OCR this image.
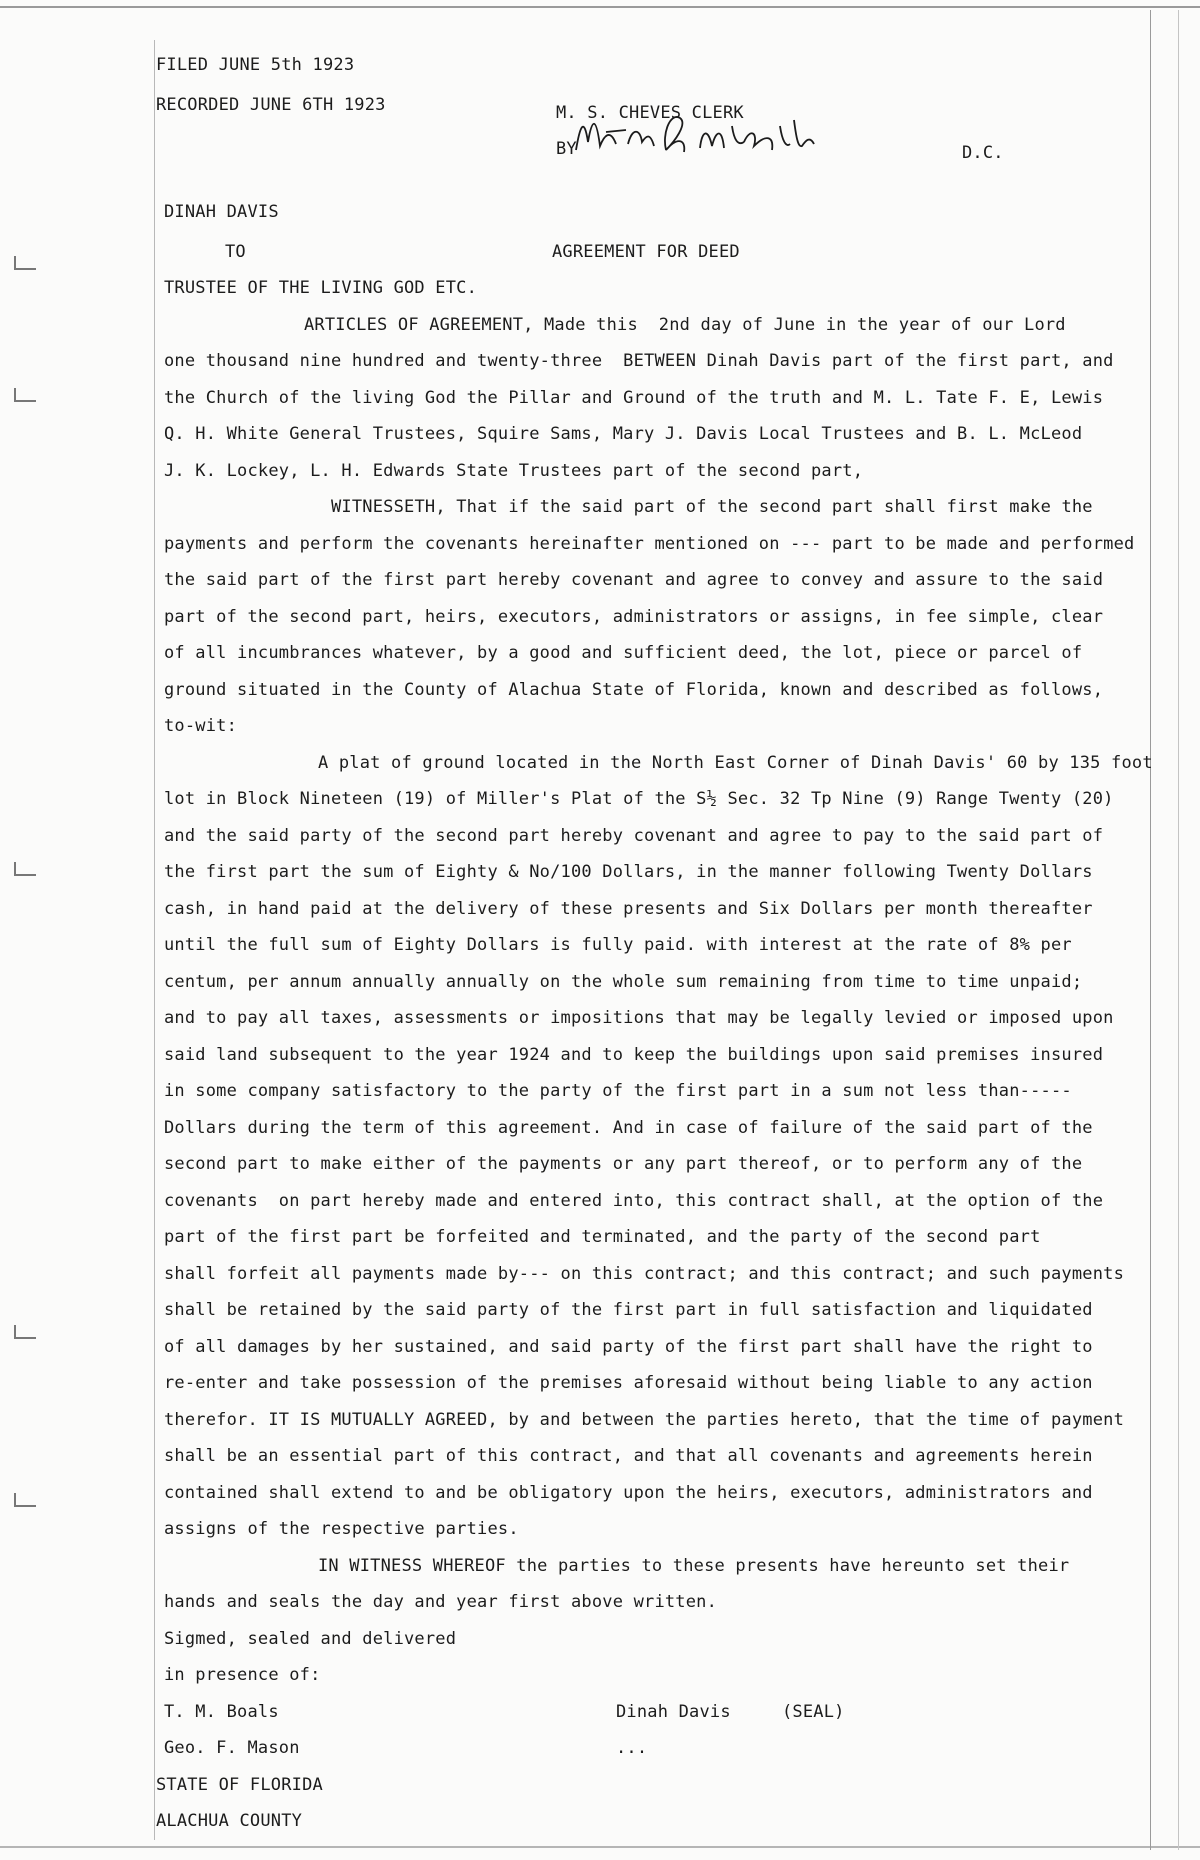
FILED JUNE 5th 1923
RECORDED JUNE 6TH 1923	M. S. CHEVES CLERK
BY	D.C.
DINAH DAVIS
TO	AGREEMENT FOR DEED
TRUSTEE OF THE LIVING GOD ETC.
ARTICLES OF AGREEMENT, Made this  2nd day of June in the year of our Lord
one thousand nine hundred and twenty-three  BETWEEN Dinah Davis part of the first part, and
the Church of the living God the Pillar and Ground of the truth and M. L. Tate F. E, Lewis
Q. H. White General Trustees, Squire Sams, Mary J. Davis Local Trustees and B. L. McLeod
J. K. Lockey, L. H. Edwards State Trustees part of the second part,
WITNESSETH, That if the said part of the second part shall first make the
payments and perform the covenants hereinafter mentioned on --- part to be made and performed
the said part of the first part hereby covenant and agree to convey and assure to the said
part of the second part, heirs, executors, administrators or assigns, in fee simple, clear
of all incumbrances whatever, by a good and sufficient deed, the lot, piece or parcel of
ground situated in the County of Alachua State of Florida, known and described as follows,
to-wit:
A plat of ground located in the North East Corner of Dinah Davis' 60 by 135 foot
lot in Block Nineteen (19) of Miller's Plat of the S½ Sec. 32 Tp Nine (9) Range Twenty (20)
and the said party of the second part hereby covenant and agree to pay to the said part of
the first part the sum of Eighty & No/100 Dollars, in the manner following Twenty Dollars
cash, in hand paid at the delivery of these presents and Six Dollars per month thereafter
until the full sum of Eighty Dollars is fully paid. with interest at the rate of 8% per
centum, per annum annually annually on the whole sum remaining from time to time unpaid;
and to pay all taxes, assessments or impositions that may be legally levied or imposed upon
said land subsequent to the year 1924 and to keep the buildings upon said premises insured
in some company satisfactory to the party of the first part in a sum not less than-----
Dollars during the term of this agreement. And in case of failure of the said part of the
second part to make either of the payments or any part thereof, or to perform any of the
covenants  on part hereby made and entered into, this contract shall, at the option of the
part of the first part be forfeited and terminated, and the party of the second part
shall forfeit all payments made by--- on this contract; and this contract; and such payments
shall be retained by the said party of the first part in full satisfaction and liquidated
of all damages by her sustained, and said party of the first part shall have the right to
re-enter and take possession of the premises aforesaid without being liable to any action
therefor. IT IS MUTUALLY AGREED, by and between the parties hereto, that the time of payment
shall be an essential part of this contract, and that all covenants and agreements herein
contained shall extend to and be obligatory upon the heirs, executors, administrators and
assigns of the respective parties.
IN WITNESS WHEREOF the parties to these presents have hereunto set their
hands and seals the day and year first above written.
Sigmed, sealed and delivered
in presence of:
T. M. Boals	Dinah Davis	(SEAL)
Geo. F. Mason	...
STATE OF FLORIDA
ALACHUA COUNTY
